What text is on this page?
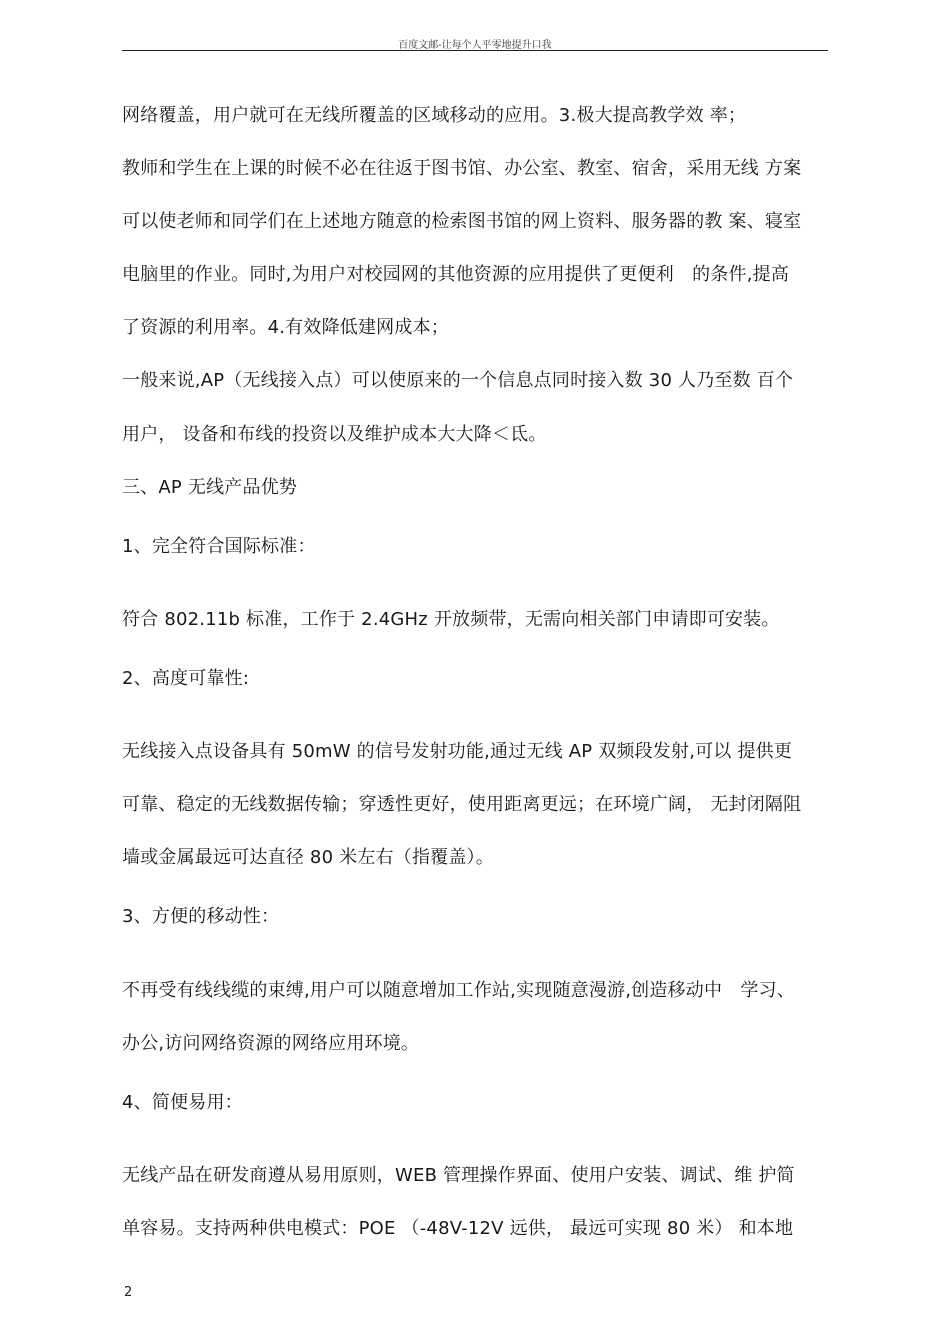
百度文邮-让每个人平零地提升口我
网络覆盖，用户就可在无线所覆盖的区域移动的应用。3.极大提高教学效 率；
教师和学生在上课的时候不必在往返于图书馆、办公室、教室、宿舍，采用无线 方案
可以使老师和同学们在上述地方随意的检索图书馆的网上资料、服务器的教 案、寝室
电脑里的作业。同时,为用户对校园网的其他资源的应用提供了更便利　的条件,提高
了资源的利用率。4.有效降低建网成本；
一般来说,AP（无线接入点）可以使原来的一个信息点同时接入数 30 人乃至数 百个
用户， 设备和布线的投资以及维护成本大大降＜氐。
三、AP 无线产品优势
1、完全符合国际标准：
符合 802.11b 标准，工作于 2.4GHz 开放频带，无需向相关部门申请即可安装。
2、高度可靠性:
无线接入点设备具有 50mW 的信号发射功能,通过无线 AP 双频段发射,可以 提供更
可靠、稳定的无线数据传输；穿透性更好，使用距离更远；在环境广阔， 无封闭隔阻
墙或金属最远可达直径 80 米左右（指覆盖）。
3、方便的移动性：
不再受有线线缆的束缚,用户可以随意增加工作站,实现随意漫游,创造移动中　学习、
办公,访问网络资源的网络应用环境。
4、简便易用：
无线产品在研发商遵从易用原则，WEB 管理操作界面、使用户安装、调试、维 护简
单容易。支持两种供电模式：POE （-48V-12V 远供， 最远可实现 80 米） 和本地
2
